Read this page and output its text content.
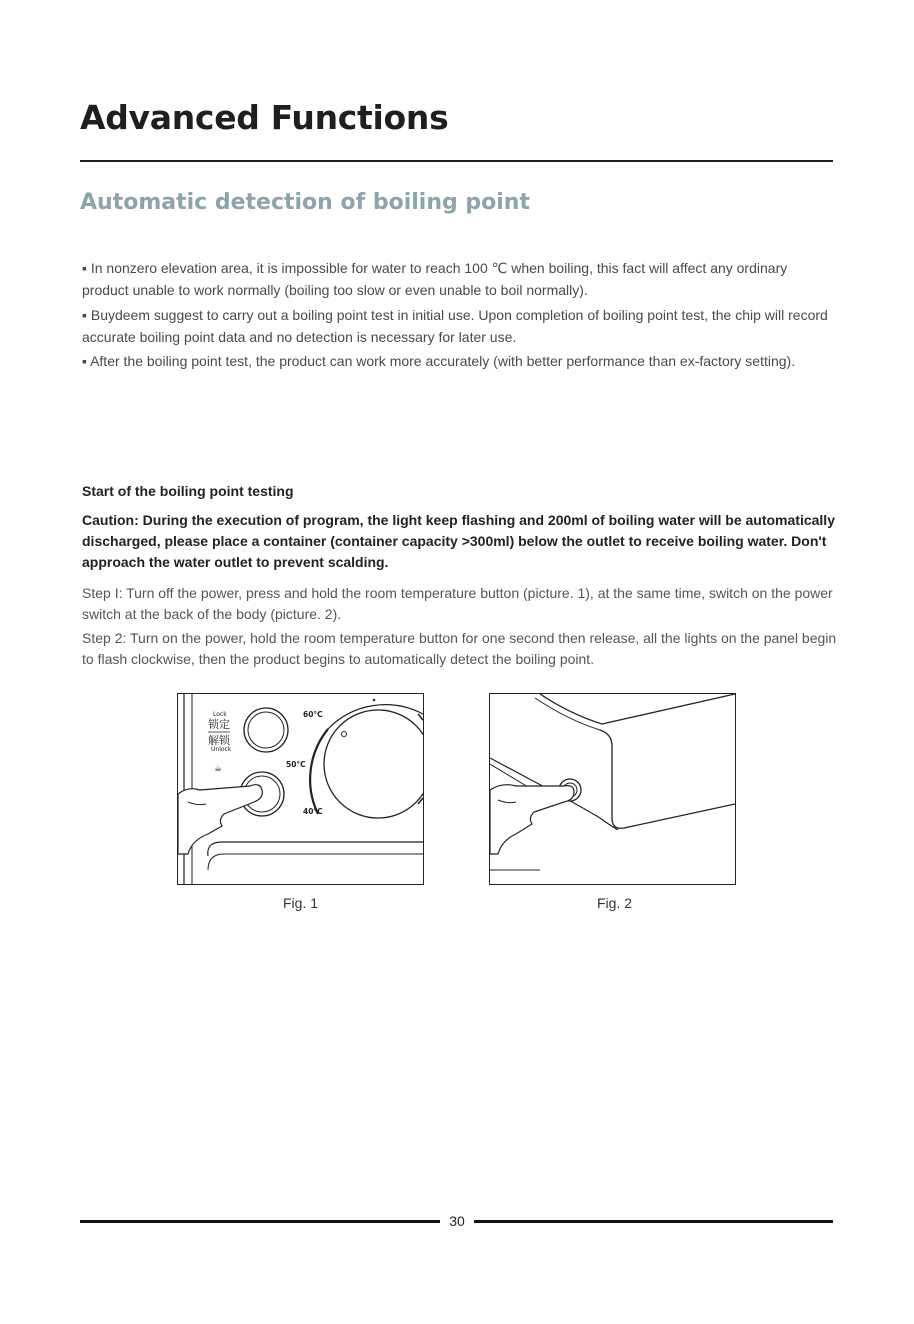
Advanced Functions
Automatic detection of boiling point

▪ In nonzero elevation area, it is impossible for water to reach 100 ℃ when boiling, this fact will affect any ordinary product unable to work normally (boiling too slow or even unable to boil normally).

▪ Buydeem suggest to carry out a boiling point test in initial use. Upon completion of boiling point test, the chip will record accurate boiling point data and no detection is necessary for later use.

▪ After the boiling point test, the product can work more accurately (with better performance than ex-factory setting).

Start of the boiling point testing

Caution: During the execution of program, the light keep flashing and 200ml of boiling water will be automatically discharged, please place a container (container capacity >300ml) below the outlet to receive boiling water. Don't approach the water outlet to prevent scalding.

Step I: Turn off the power, press and hold the room temperature button (picture. 1), at the same time, switch on the power switch at the back of the body (picture. 2).

Step 2: Turn on the power, hold the room temperature button for one second then release, all the lights on the panel begin to flash clockwise, then the product begins to automatically detect the boiling point.

Lock
锁定
解锁
Unlock
☕
60°C
50°C
40°C

Fig. 1	Fig. 2

30
